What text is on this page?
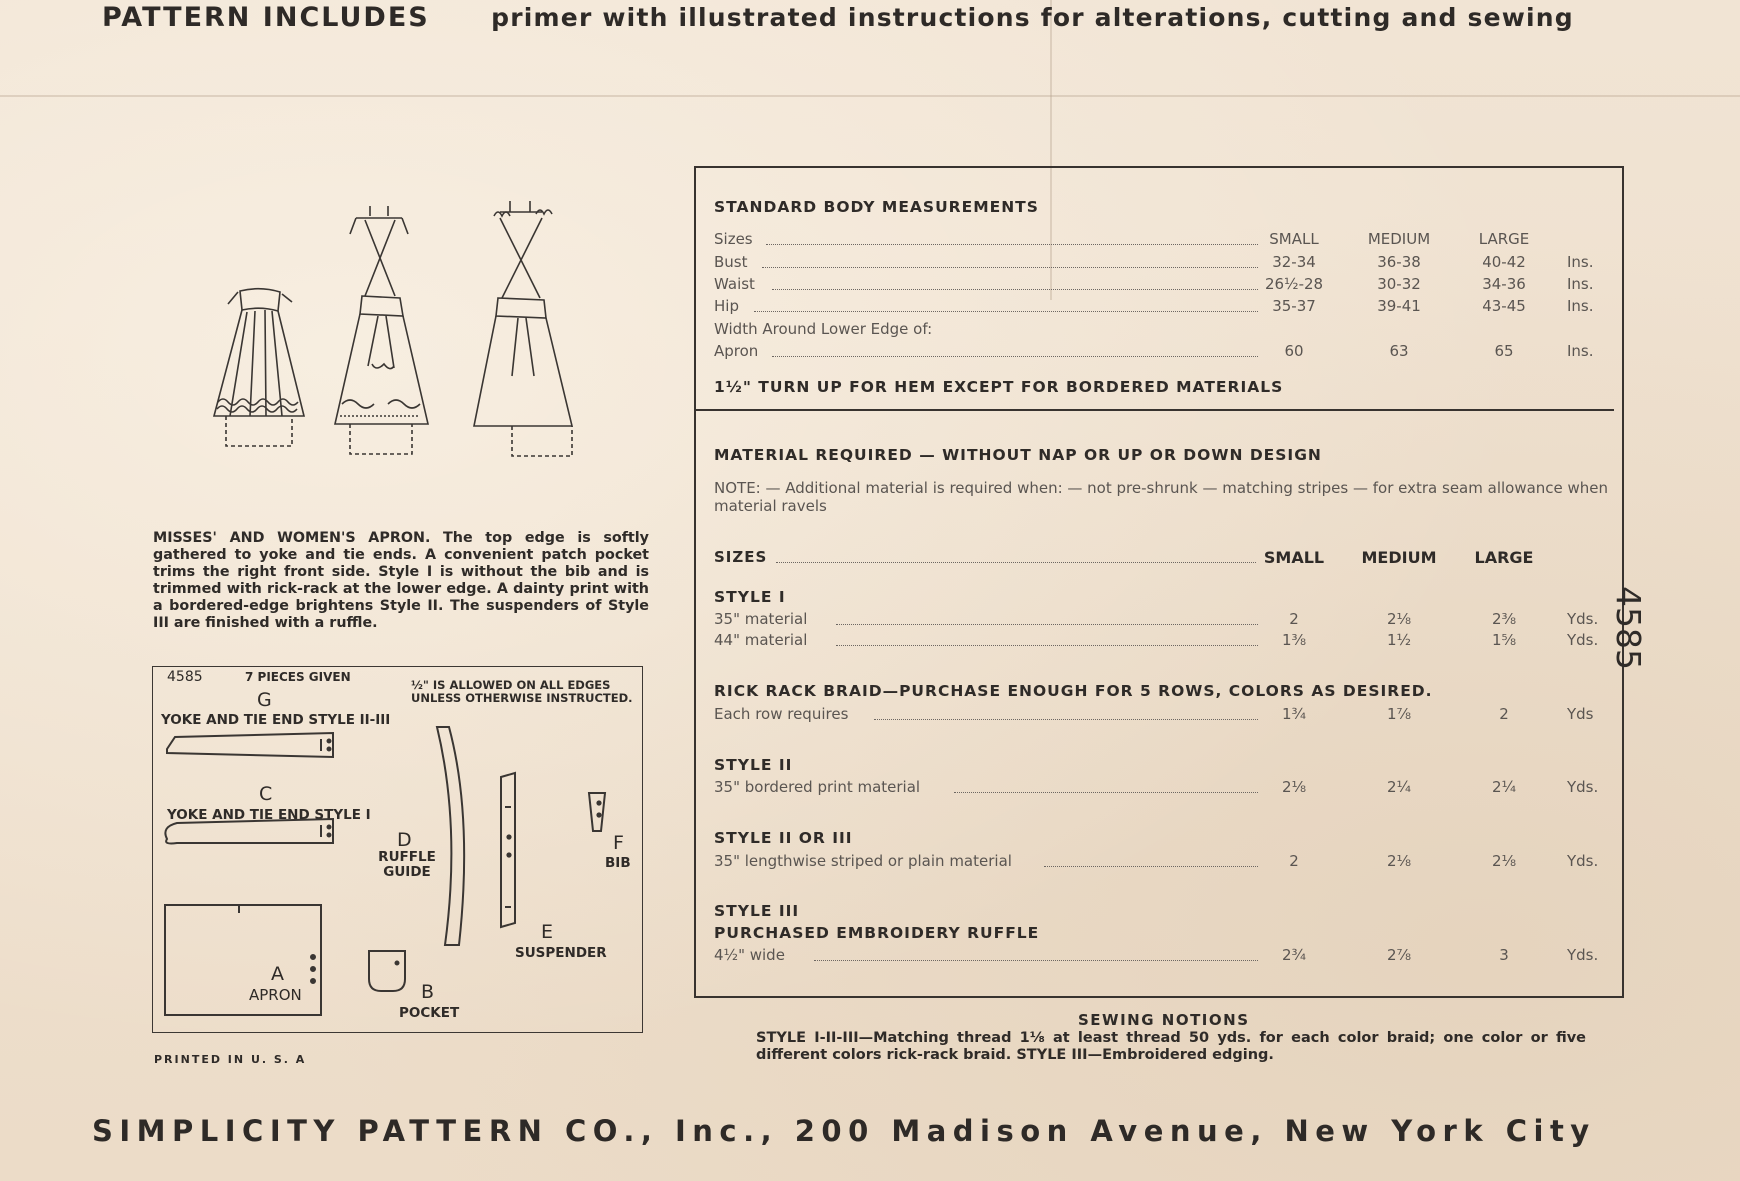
PATTERN INCLUDES primer with illustrated instructions for alterations, cutting and sewing
MISSES' AND WOMEN'S APRON. The top edge is softly gathered to yoke and tie ends. A convenient patch pocket trims the right front side. Style I is without the bib and is trimmed with rick-rack at the lower edge. A dainty print with a bordered-edge brightens Style II. The suspenders of Style III are finished with a ruffle.
4585	7 PIECES GIVEN
½" IS ALLOWED ON ALL EDGES UNLESS OTHERWISE INSTRUCTED.
G
YOKE AND TIE END STYLE II-III
C
YOKE AND TIE END STYLE I
D
RUFFLE GUIDE
E
SUSPENDER
F
BIB
A
APRON	B
POCKET
PRINTED IN U. S. A
STANDARD BODY MEASUREMENTS
Sizes	SMALL	MEDIUM	LARGE
Bust	32-34	36-38	40-42	Ins.
Waist	26½-28	30-32	34-36	Ins.
Hip	35-37	39-41	43-45	Ins.
Width Around Lower Edge of:
Apron	60	63	65	Ins.
1½" TURN UP FOR HEM EXCEPT FOR BORDERED MATERIALS
MATERIAL REQUIRED — WITHOUT NAP OR UP OR DOWN DESIGN
NOTE: — Additional material is required when: — not pre-shrunk — matching stripes — for extra seam allowance when material ravels
SIZES	SMALL	MEDIUM	LARGE
STYLE I
35" material	2	2⅛	2⅜	Yds.
44" material	1⅜	1½	1⅝	Yds.
RICK RACK BRAID—PURCHASE ENOUGH FOR 5 ROWS, COLORS AS DESIRED.
Each row requires	1¾	1⅞	2	Yds
STYLE II
35" bordered print material	2⅛	2¼	2¼	Yds.
STYLE II OR III
35" lengthwise striped or plain material	2	2⅛	2⅛	Yds.
STYLE III
PURCHASED EMBROIDERY RUFFLE
4½" wide	2¾	2⅞	3	Yds.
4585
SEWING NOTIONS
STYLE I-II-III—Matching thread 1⅛ at least thread 50 yds. for each color braid; one color or five different colors rick-rack braid. STYLE III—Embroidered edging.
SIMPLICITY PATTERN CO., Inc., 200 Madison Avenue, New York City
